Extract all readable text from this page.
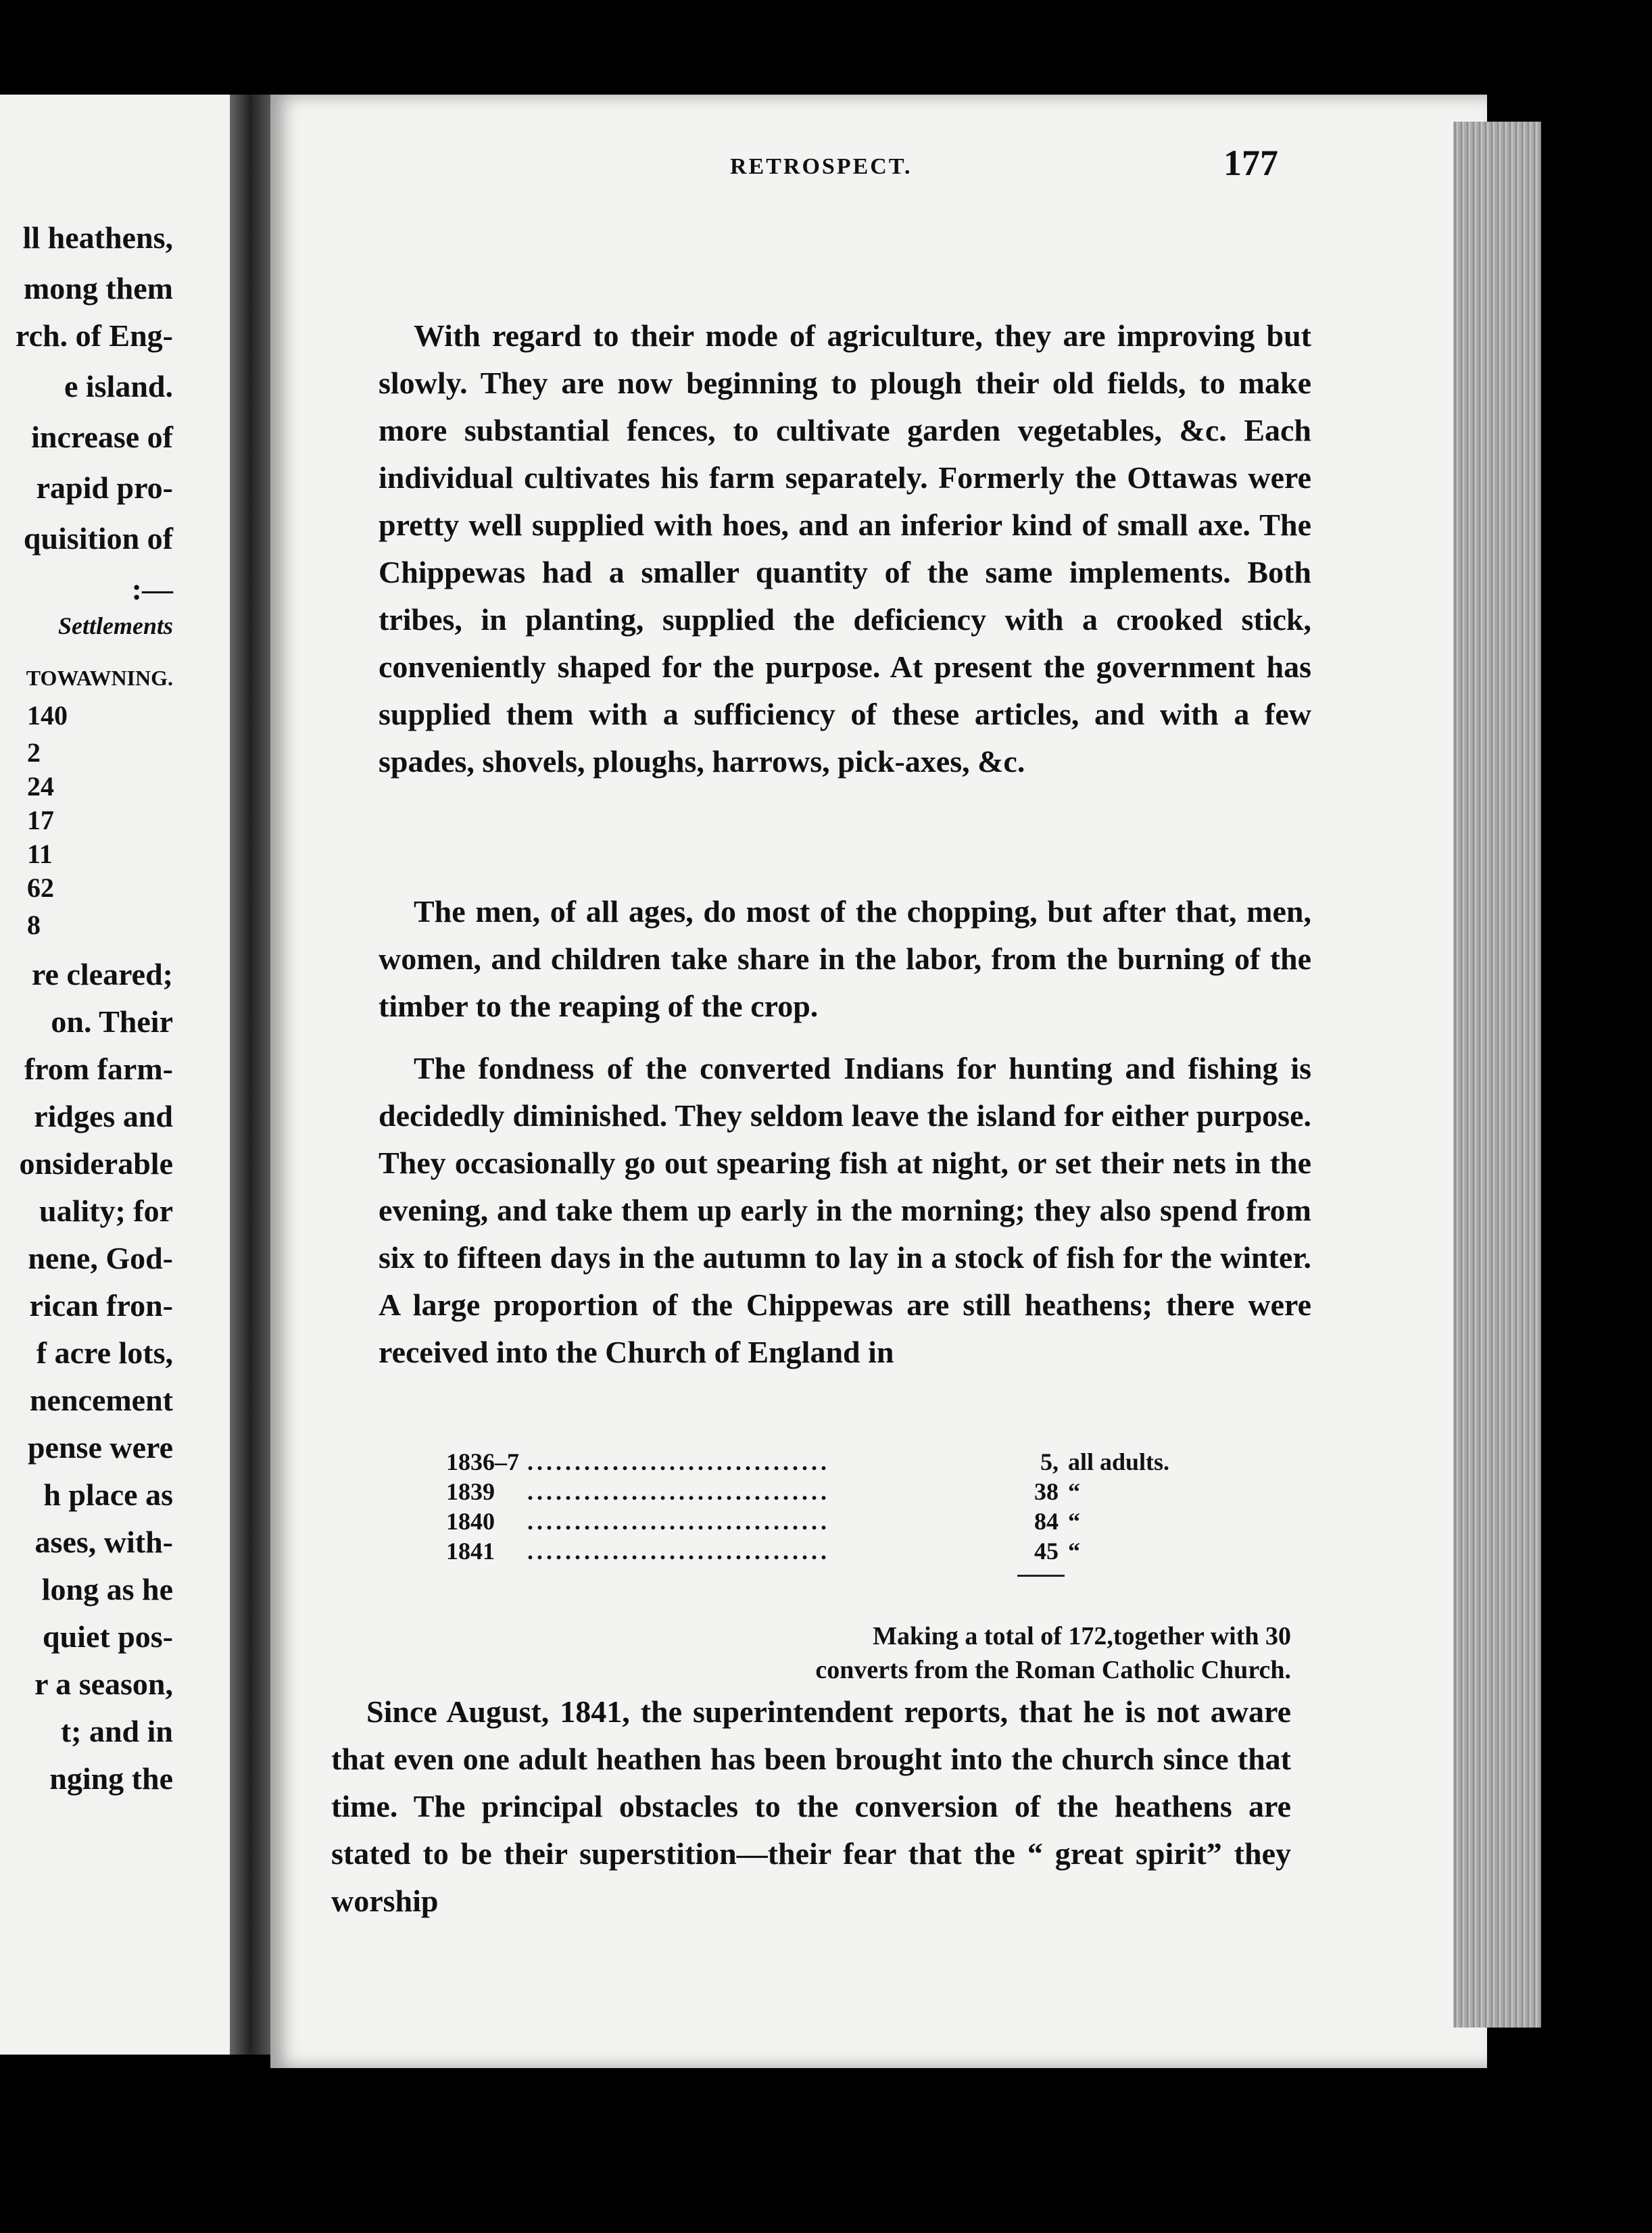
ll heathens,
mong them
rch. of Eng-
e island.
increase of
rapid pro-
quisition of
:—
Settlements
TOWAWNING.
140
2
24
17
11
62
8
re cleared;
on. Their
from farm-
ridges and
onsiderable
uality; for
nene, God-
rican fron-
f acre lots,
nencement
pense were
h place as
ases, with-
long as he
quiet pos-
r a season,
t; and in
nging the
RETROSPECT.	177

With regard to their mode of agriculture, they are improving but slowly. They are now beginning to plough their old fields, to make more substantial fences, to cultivate garden vegetables, &c. Each individual cultivates his farm separately. Formerly the Ottawas were pretty well supplied with hoes, and an inferior kind of small axe. The Chippewas had a smaller quantity of the same implements. Both tribes, in planting, supplied the deficiency with a crooked stick, conveniently shaped for the purpose. At present the government has supplied them with a sufficiency of these articles, and with a few spades, shovels, ploughs, harrows, pick-axes, &c.

The men, of all ages, do most of the chopping, but after that, men, women, and children take share in the labor, from the burning of the timber to the reaping of the crop.

The fondness of the converted Indians for hunting and fishing is decidedly diminished. They seldom leave the island for either purpose. They occasionally go out spearing fish at night, or set their nets in the evening, and take them up early in the morning; they also spend from six to fifteen days in the autumn to lay in a stock of fish for the winter. A large proportion of the Chippewas are still heathens; there were received into the Church of England in

1836–7 ................................	5, all adults.
1839	................................	38 “
1840	................................	84 “
1841	................................	45 “
Making a total of 172,together with 30
converts from the Roman Catholic Church.

Since August, 1841, the superintendent reports, that he is not aware that even one adult heathen has been brought into the church since that time. The principal obstacles to the conversion of the heathens are stated to be their superstition—their fear that the “ great spirit” they worship
